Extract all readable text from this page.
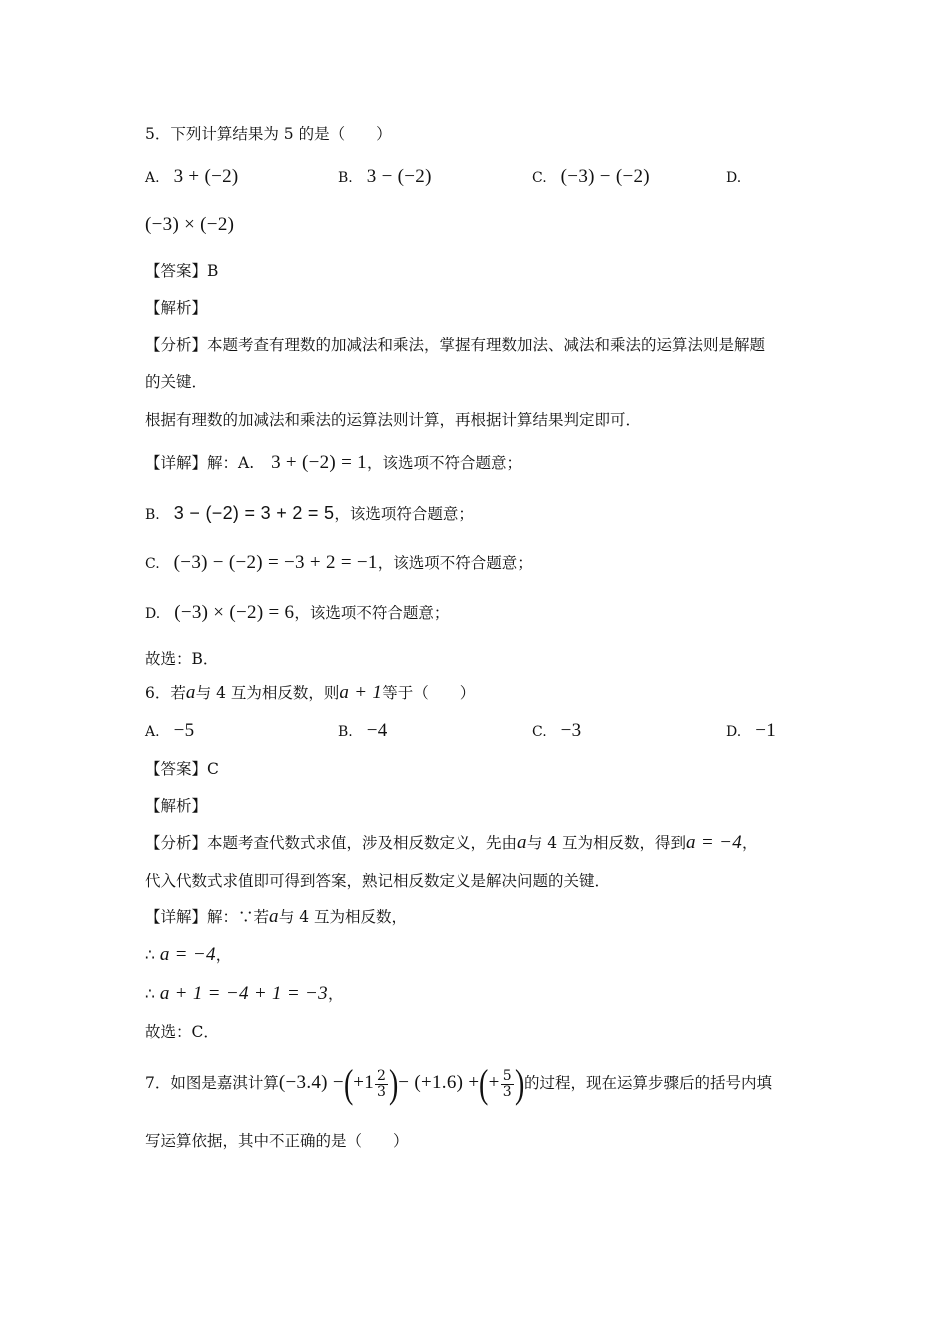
5．下列计算结果为 5 的是（　　）
A. 3 + (−2)	B. 3 − (−2)	C. (−3) − (−2)	D.
(−3) × (−2)
【答案】B
【解析】
【分析】本题考查有理数的加减法和乘法，掌握有理数加法、减法和乘法的运算法则是解题
的关键．
根据有理数的加减法和乘法的运算法则计算，再根据计算结果判定即可．
【详解】解：A. 3 + (−2) = 1，该选项不符合题意；
B. 3 − (−2) = 3 + 2 = 5，该选项符合题意；
C. (−3) − (−2) = −3 + 2 = −1，该选项不符合题意；
D. (−3) × (−2) = 6，该选项不符合题意；
故选：B．
6．若a与 4 互为相反数，则a + 1等于（　　）
A. −5	B. −4	C. −3	D. −1
【答案】C
【解析】
【分析】本题考查代数式求值，涉及相反数定义，先由a与 4 互为相反数，得到a = −4，
代入代数式求值即可得到答案，熟记相反数定义是解决问题的关键．
【详解】解：∵若a与 4 互为相反数，
∴ a = −4，
∴ a + 1 = −4 + 1 = −3，
故选：C．
7．如图是嘉淇计算$(-3.4) -(+1 \frac{2}{3}$ )− (+1.6) +(+ $\frac{5}{3}$ )的过程，现在运算步骤后的括号内填
写运算依据，其中不正确的是（　　）
